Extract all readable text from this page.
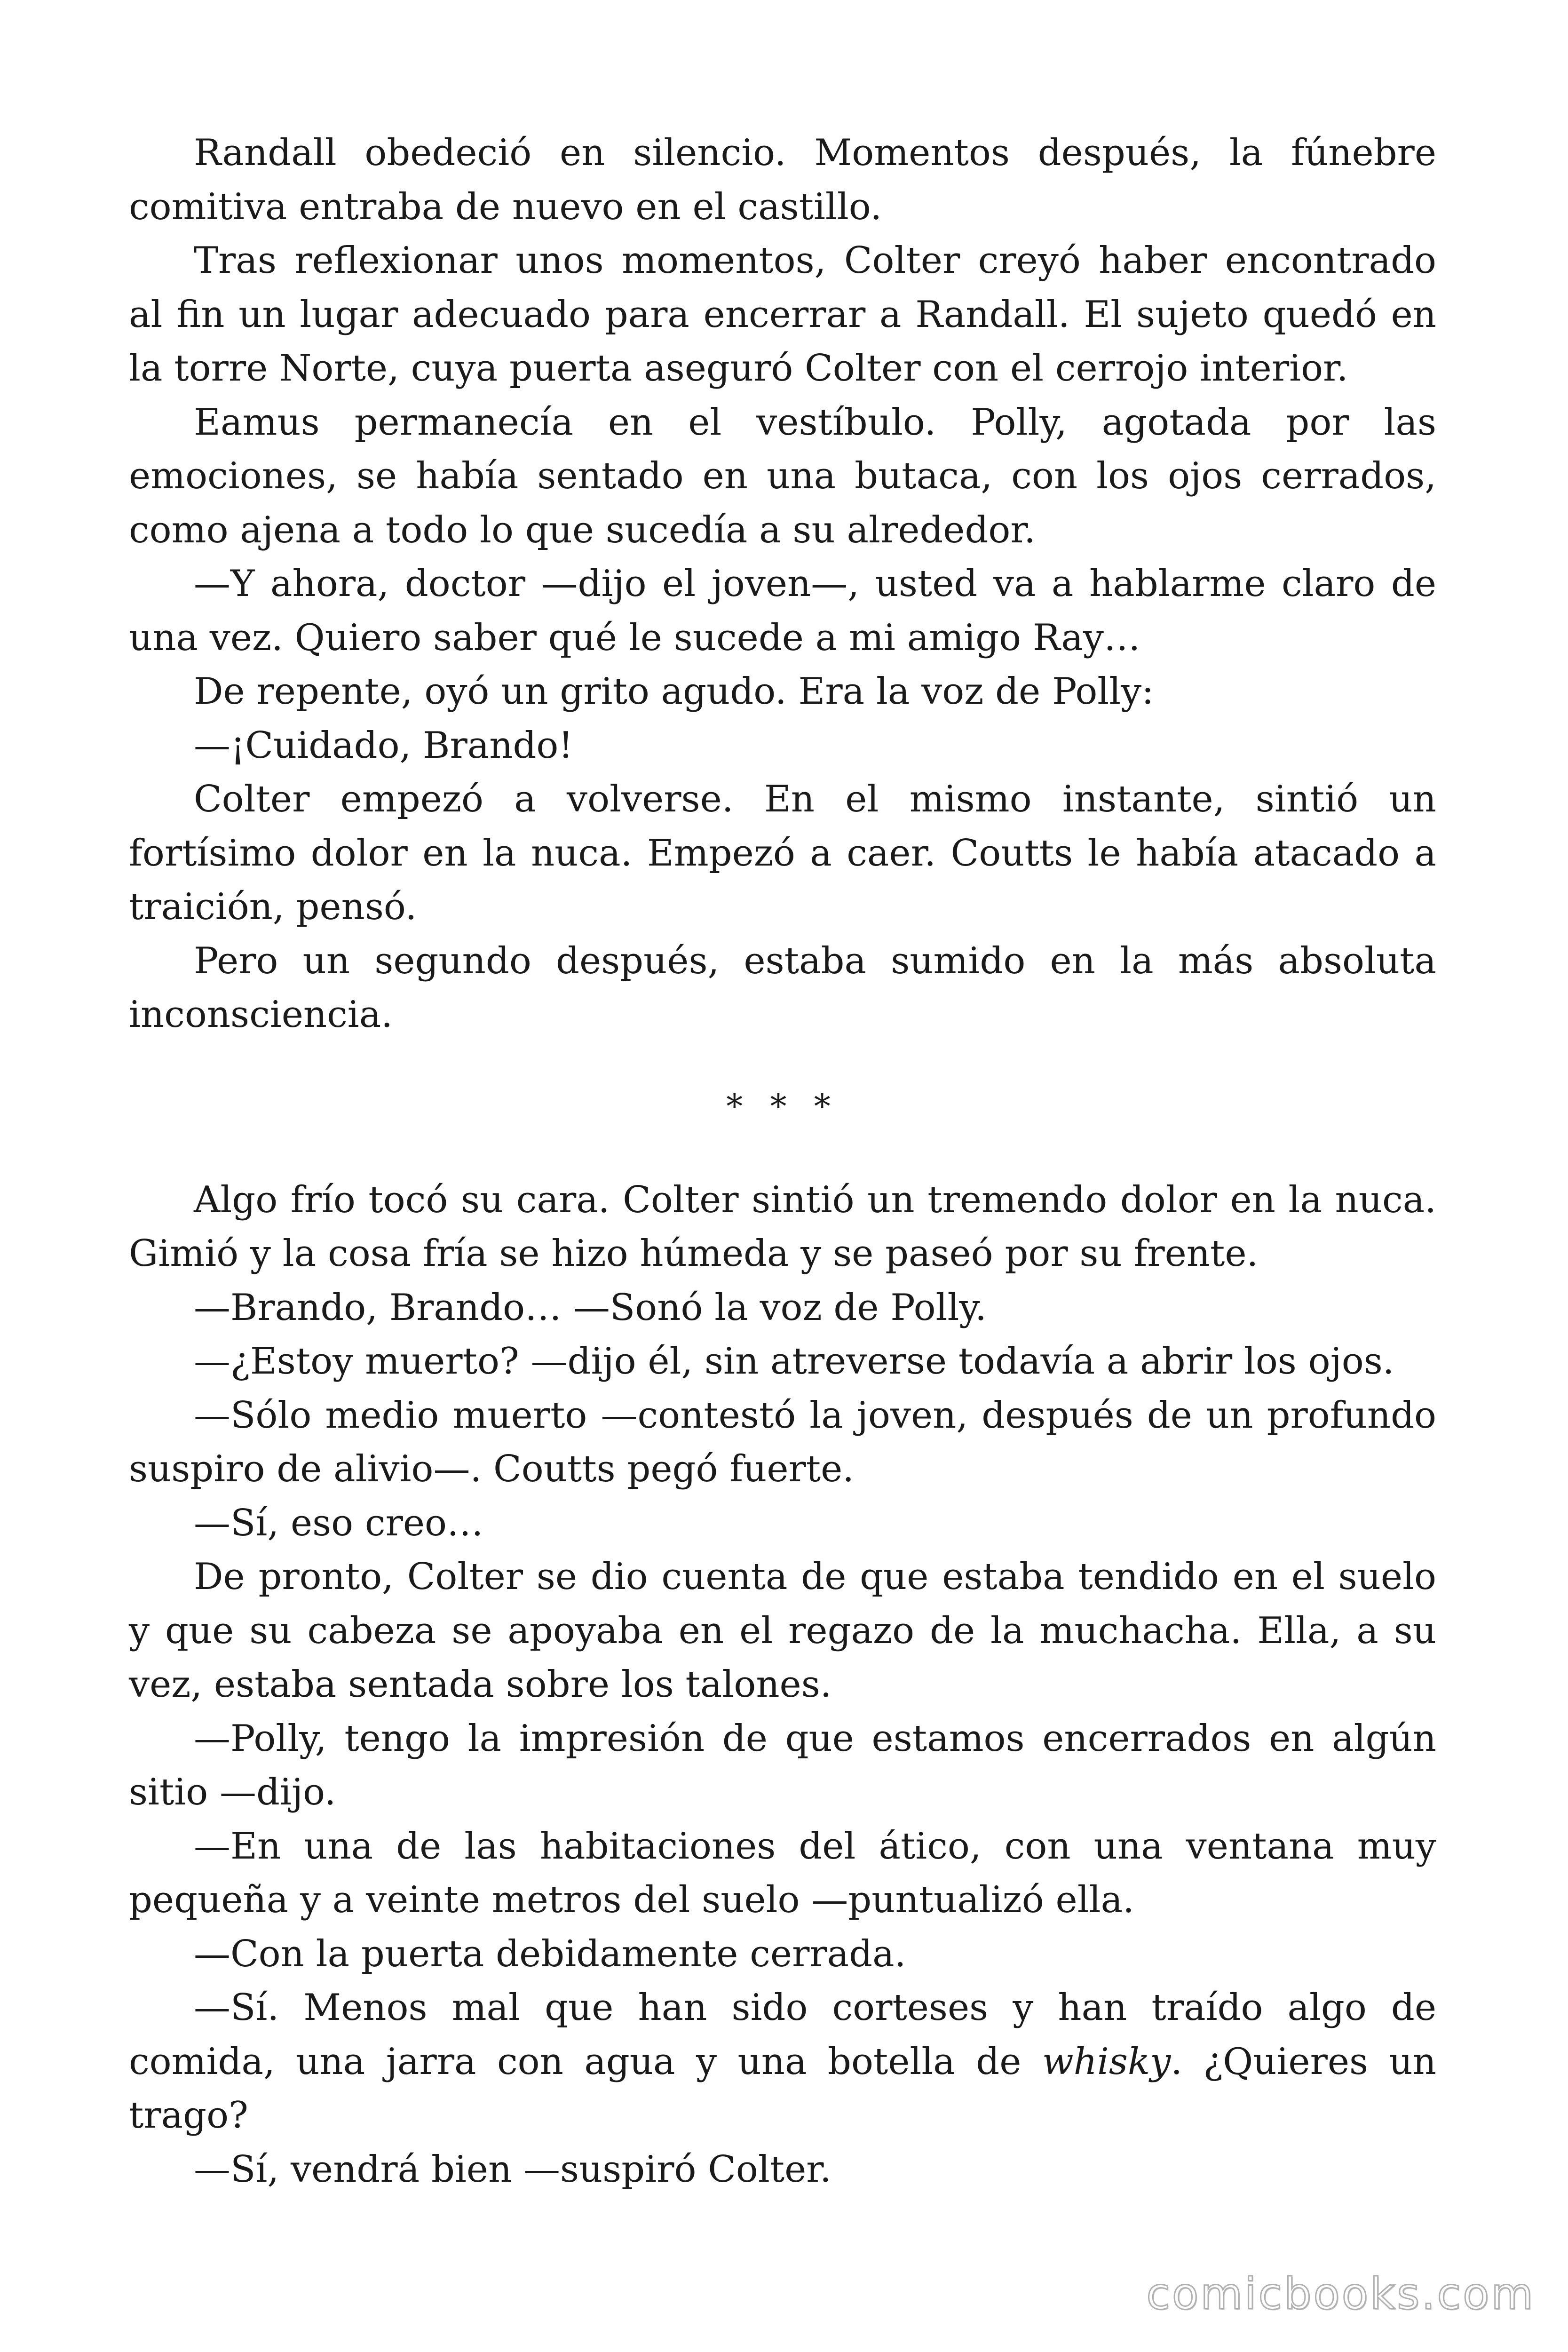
Randall obedeció en silencio. Momentos después, la fúnebre comitiva entraba de nuevo en el castillo.

Tras reflexionar unos momentos, Colter creyó haber encontrado al fin un lugar adecuado para encerrar a Randall. El sujeto quedó en la torre Norte, cuya puerta aseguró Colter con el cerrojo interior.

Eamus permanecía en el vestíbulo. Polly, agotada por las emociones, se había sentado en una butaca, con los ojos cerrados, como ajena a todo lo que sucedía a su alrededor.

—Y ahora, doctor —dijo el joven—, usted va a hablarme claro de una vez. Quiero saber qué le sucede a mi amigo Ray…

De repente, oyó un grito agudo. Era la voz de Polly:

—¡Cuidado, Brando!

Colter empezó a volverse. En el mismo instante, sintió un fortísimo dolor en la nuca. Empezó a caer. Coutts le había atacado a traición, pensó.

Pero un segundo después, estaba sumido en la más absoluta inconsciencia.

* * *

Algo frío tocó su cara. Colter sintió un tremendo dolor en la nuca. Gimió y la cosa fría se hizo húmeda y se paseó por su frente.

—Brando, Brando… —Sonó la voz de Polly.

—¿Estoy muerto? —dijo él, sin atreverse todavía a abrir los ojos.

—Sólo medio muerto —contestó la joven, después de un profundo suspiro de alivio—. Coutts pegó fuerte.

—Sí, eso creo…

De pronto, Colter se dio cuenta de que estaba tendido en el suelo y que su cabeza se apoyaba en el regazo de la muchacha. Ella, a su vez, estaba sentada sobre los talones.

—Polly, tengo la impresión de que estamos encerrados en algún sitio —dijo.

—En una de las habitaciones del ático, con una ventana muy pequeña y a veinte metros del suelo —puntualizó ella.

—Con la puerta debidamente cerrada.

—Sí. Menos mal que han sido corteses y han traído algo de comida, una jarra con agua y una botella de whisky. ¿Quieres un trago?

—Sí, vendrá bien —suspiró Colter.

comicbooks.com
